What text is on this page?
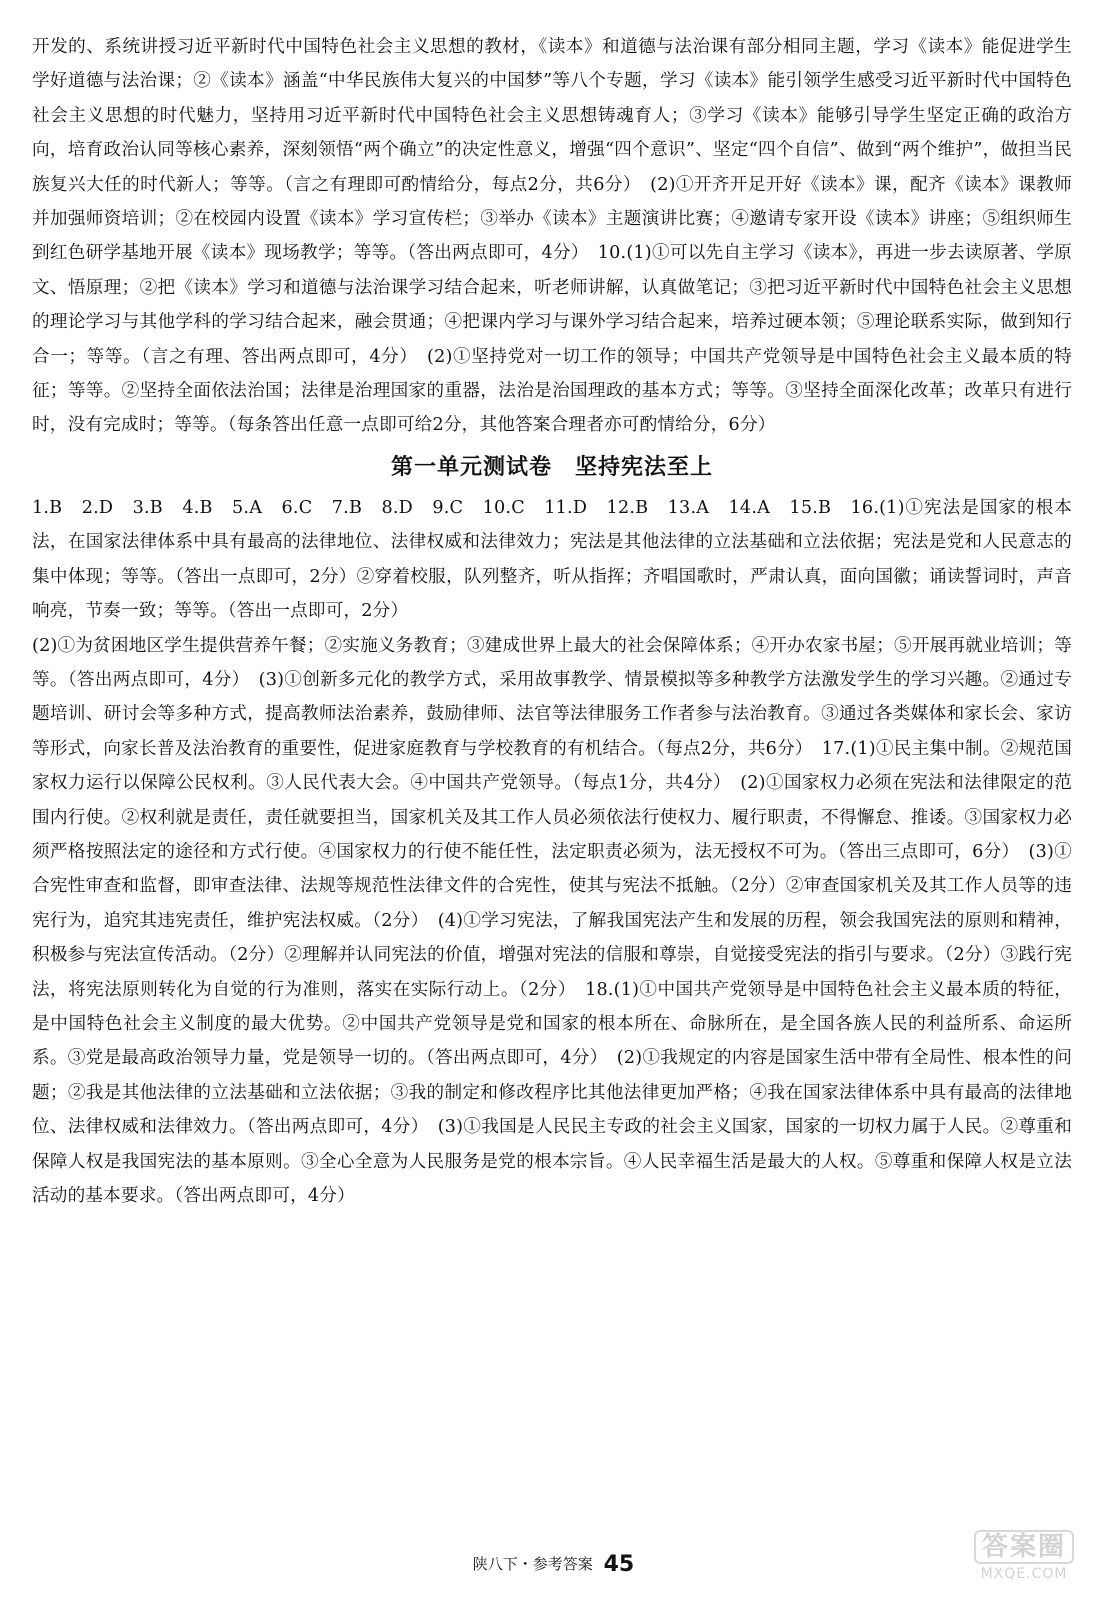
开发的、系统讲授习近平新时代中国特色社会主义思想的教材，《读本》和道德与法治课有部分相同主题，学习《读本》能促进学生学好道德与法治课；②《读本》涵盖“中华民族伟大复兴的中国梦”等八个专题，学习《读本》能引领学生感受习近平新时代中国特色社会主义思想的时代魅力，坚持用习近平新时代中国特色社会主义思想铸魂育人；③学习《读本》能够引导学生坚定正确的政治方向，培育政治认同等核心素养，深刻领悟“两个确立”的决定性意义，增强“四个意识”、坚定“四个自信”、做到“两个维护”，做担当民族复兴大任的时代新人；等等。（言之有理即可酌情给分，每点2分，共6分）　(2)①开齐开足开好《读本》课，配齐《读本》课教师并加强师资培训；②在校园内设置《读本》学习宣传栏；③举办《读本》主题演讲比赛；④邀请专家开设《读本》讲座；⑤组织师生到红色研学基地开展《读本》现场教学；等等。（答出两点即可，4分）　10.(1)①可以先自主学习《读本》，再进一步去读原著、学原文、悟原理；②把《读本》学习和道德与法治课学习结合起来，听老师讲解，认真做笔记；③把习近平新时代中国特色社会主义思想的理论学习与其他学科的学习结合起来，融会贯通；④把课内学习与课外学习结合起来，培养过硬本领；⑤理论联系实际，做到知行合一；等等。（言之有理、答出两点即可，4分）　(2)①坚持党对一切工作的领导；中国共产党领导是中国特色社会主义最本质的特征；等等。②坚持全面依法治国；法律是治理国家的重器，法治是治国理政的基本方式；等等。③坚持全面深化改革；改革只有进行时，没有完成时；等等。（每条答出任意一点即可给2分，其他答案合理者亦可酌情给分，6分）

第一单元测试卷　坚持宪法至上

1.B　2.D　3.B　4.B　5.A　6.C　7.B　8.D　9.C　10.C　11.D　12.B　13.A　14.A　15.B　16.(1)①宪法是国家的根本法，在国家法律体系中具有最高的法律地位、法律权威和法律效力；宪法是其他法律的立法基础和立法依据；宪法是党和人民意志的集中体现；等等。（答出一点即可，2分）②穿着校服，队列整齐，听从指挥；齐唱国歌时，严肃认真，面向国徽；诵读誓词时，声音响亮，节奏一致；等等。（答出一点即可，2分）

(2)①为贫困地区学生提供营养午餐；②实施义务教育；③建成世界上最大的社会保障体系；④开办农家书屋；⑤开展再就业培训；等等。（答出两点即可，4分）　(3)①创新多元化的教学方式，采用故事教学、情景模拟等多种教学方法激发学生的学习兴趣。②通过专题培训、研讨会等多种方式，提高教师法治素养，鼓励律师、法官等法律服务工作者参与法治教育。③通过各类媒体和家长会、家访等形式，向家长普及法治教育的重要性，促进家庭教育与学校教育的有机结合。（每点2分，共6分）　17.(1)①民主集中制。②规范国家权力运行以保障公民权利。③人民代表大会。④中国共产党领导。（每点1分，共4分）　(2)①国家权力必须在宪法和法律限定的范围内行使。②权利就是责任，责任就要担当，国家机关及其工作人员必须依法行使权力、履行职责，不得懈怠、推诿。③国家权力必须严格按照法定的途径和方式行使。④国家权力的行使不能任性，法定职责必须为，法无授权不可为。（答出三点即可，6分）　(3)①合宪性审查和监督，即审查法律、法规等规范性法律文件的合宪性，使其与宪法不抵触。（2分）②审查国家机关及其工作人员等的违宪行为，追究其违宪责任，维护宪法权威。（2分）　(4)①学习宪法，了解我国宪法产生和发展的历程，领会我国宪法的原则和精神，积极参与宪法宣传活动。（2分）②理解并认同宪法的价值，增强对宪法的信服和尊崇，自觉接受宪法的指引与要求。（2分）③践行宪法，将宪法原则转化为自觉的行为准则，落实在实际行动上。（2分）　18.(1)①中国共产党领导是中国特色社会主义最本质的特征，是中国特色社会主义制度的最大优势。②中国共产党领导是党和国家的根本所在、命脉所在，是全国各族人民的利益所系、命运所系。③党是最高政治领导力量，党是领导一切的。（答出两点即可，4分）　(2)①我规定的内容是国家生活中带有全局性、根本性的问题；②我是其他法律的立法基础和立法依据；③我的制定和修改程序比其他法律更加严格；④我在国家法律体系中具有最高的法律地位、法律权威和法律效力。（答出两点即可，4分）　(3)①我国是人民民主专政的社会主义国家，国家的一切权力属于人民。②尊重和保障人权是我国宪法的基本原则。③全心全意为人民服务是党的根本宗旨。④人民幸福生活是最大的人权。⑤尊重和保障人权是立法活动的基本要求。（答出两点即可，4分）

陕八下・参考答案 45
答案圈
MXQE.COM
